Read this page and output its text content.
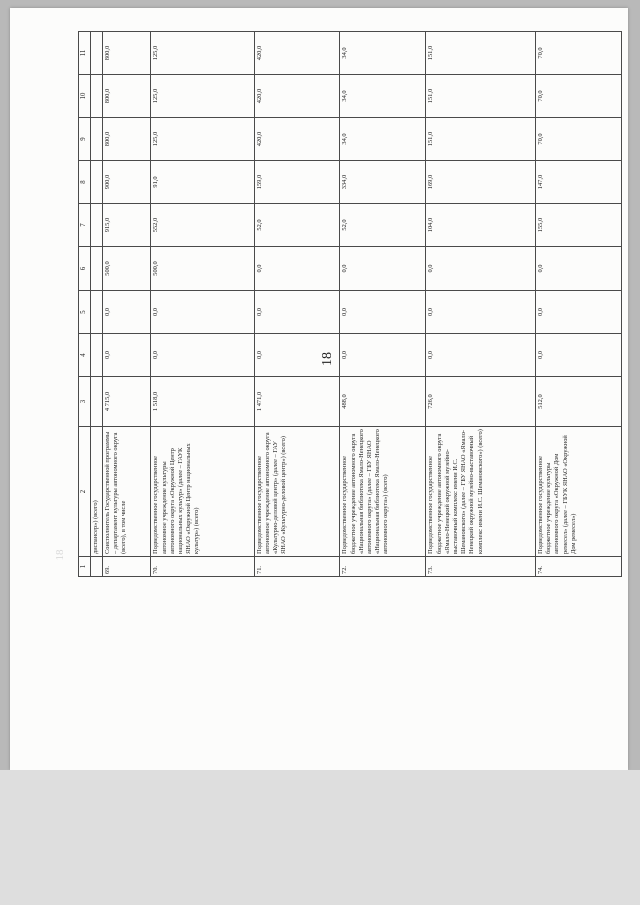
18
18
1	2	3	4	5	6	7	8	9	10	11
	диспансер») (всего)									
69.	Соисполнитель Государственной программы – департамент культуры автономного округа (всего), в том числе	4 715,0	0,0	0,0	500,0	915,0	900,0	800,0	800,0	800,0
70.	Подведомственное государственное автономное учреждение культуры автономного округа «Окружной Центр национальных культур» (далее – ГАУК ЯНАО «Окружной Центр национальных культур») (всего)	1 518,0	0,0	0,0	500,0	552,0	91,0	125,0	125,0	125,0
71.	Подведомственное государственное автономное учреждение автономного округа «Культурно-деловой центр» (далее – ГАУ ЯНАО «Культурно-деловой центр») (всего)	1 471,0	0,0	0,0	0,0	52,0	159,0	420,0	420,0	420,0
72.	Подведомственное государственное бюджетное учреждение автономного округа «Национальная библиотека Ямало-Ненецкого автономного округа» (далее – ГБУ ЯНАО «Национальная библиотека Ямало-Ненецкого автономного округа») (всего)	488,0	0,0	0,0	0,0	52,0	334,0	34,0	34,0	34,0
73.	Подведомственное государственное бюджетное учреждение автономного округа «Ямало-Ненецкий окружной музейно-выставочный комплекс имени И.С. Шемановского» (далее – ГБУ ЯНАО «Ямало-Ненецкий окружной музейно-выставочный комплекс имени И.С. Шемановского») (всего)	726,0	0,0	0,0	0,0	104,0	169,0	151,0	151,0	151,0
74.	Подведомственное государственное бюджетное учреждение культуры автономного округа «Окружной Дом ремесел» (далее – ГБУК ЯНАО «Окружной Дом ремесел»)	512,0	0,0	0,0	0,0	155,0	147,0	70,0	70,0	70,0
